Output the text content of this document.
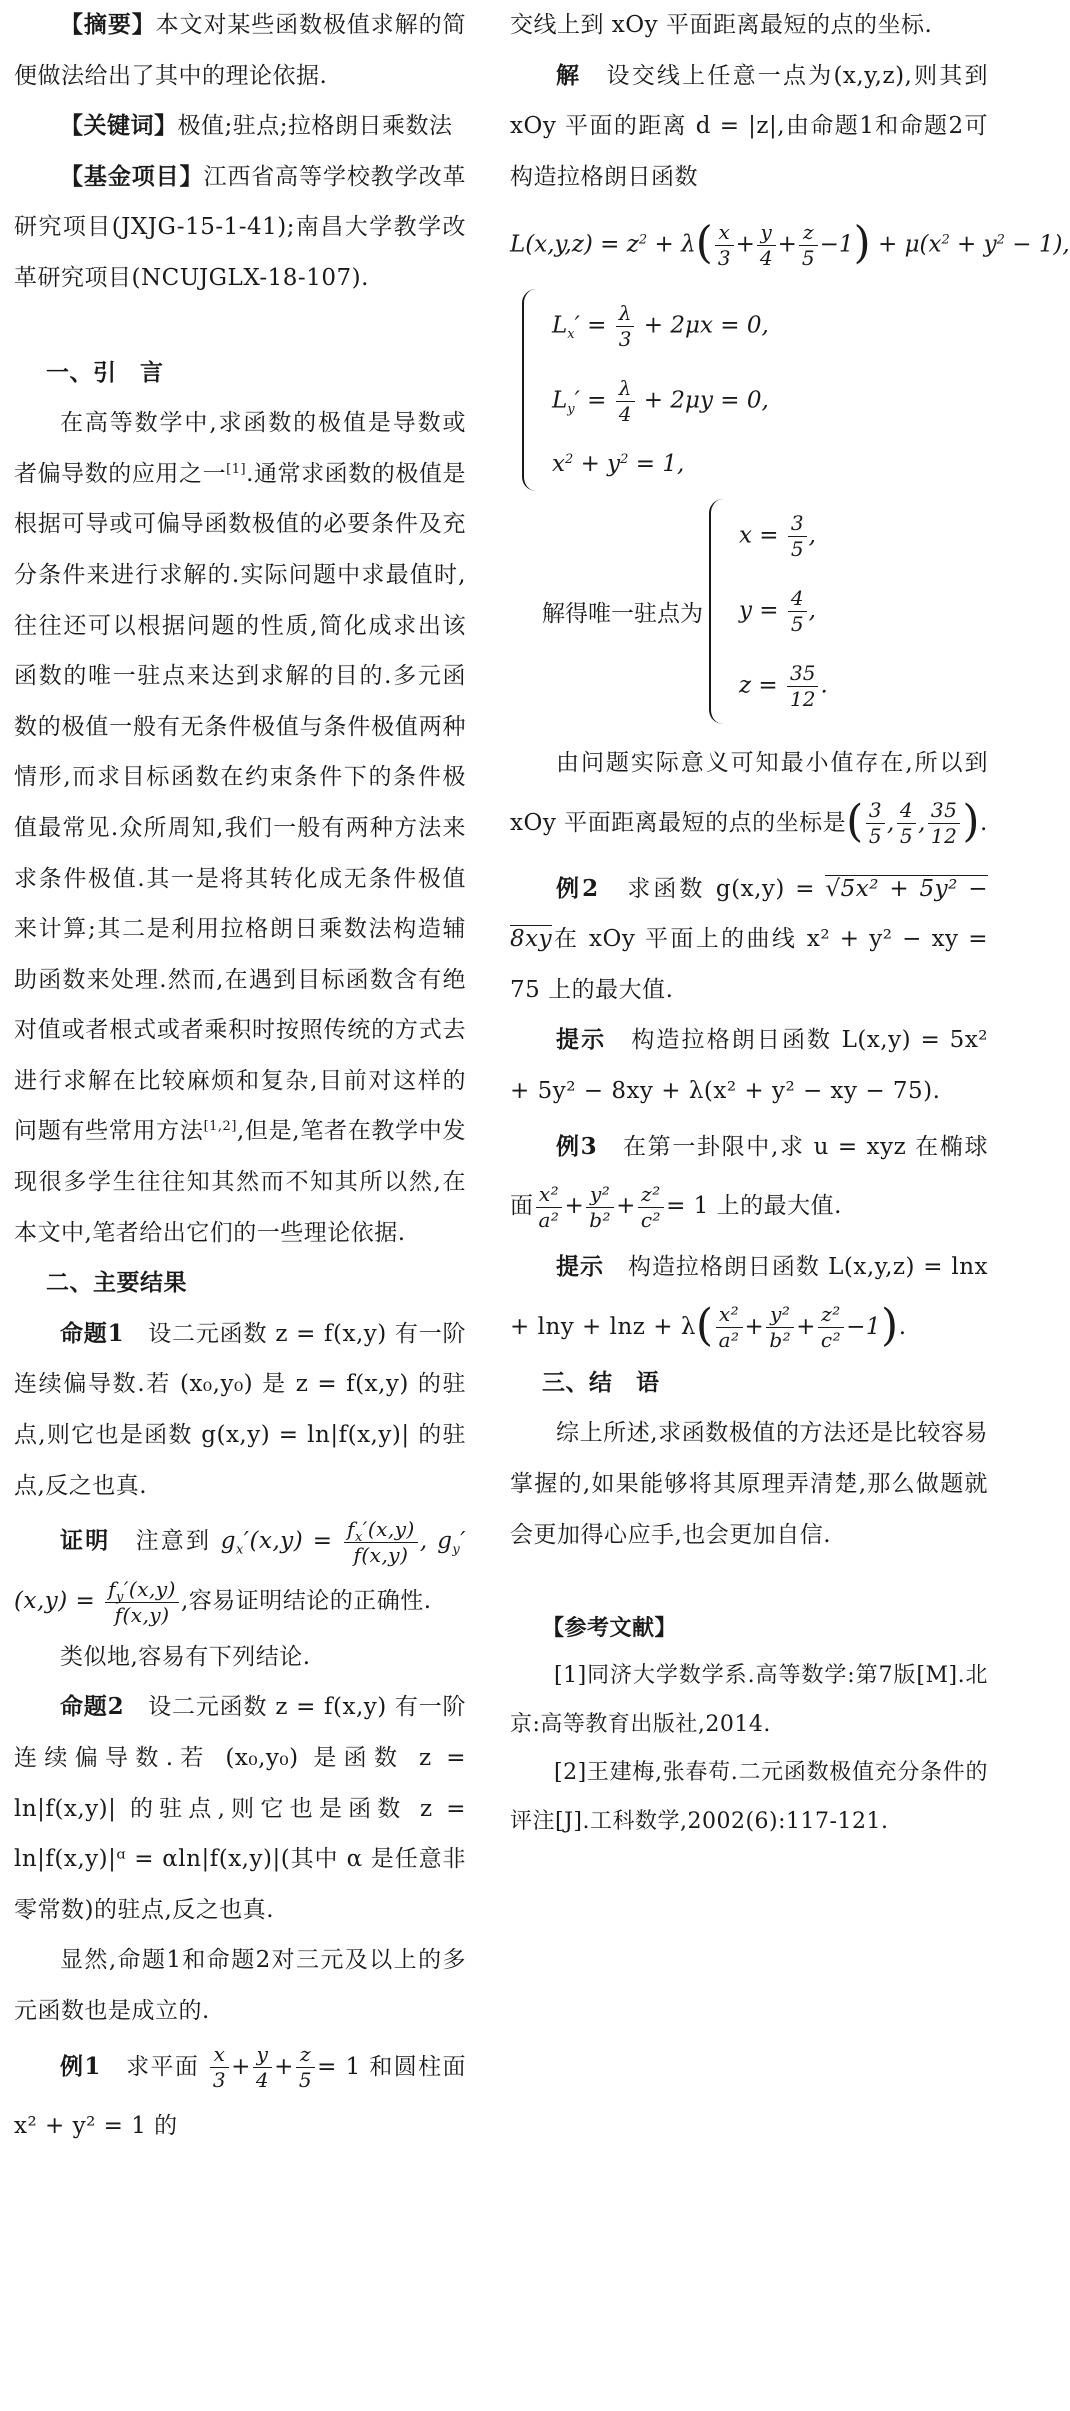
【摘要】本文对某些函数极值求解的简便做法给出了其中的理论依据.

【关键词】极值;驻点;拉格朗日乘数法

【基金项目】江西省高等学校教学改革研究项目(JXJG-15-1-41);南昌大学教学改革研究项目(NCUJGLX-18-107).

一、引　言

在高等数学中,求函数的极值是导数或者偏导数的应用之一[1].通常求函数的极值是根据可导或可偏导函数极值的必要条件及充分条件来进行求解的.实际问题中求最值时,往往还可以根据问题的性质,简化成求出该函数的唯一驻点来达到求解的目的.多元函数的极值一般有无条件极值与条件极值两种情形,而求目标函数在约束条件下的条件极值最常见.众所周知,我们一般有两种方法来求条件极值.其一是将其转化成无条件极值来计算;其二是利用拉格朗日乘数法构造辅助函数来处理.然而,在遇到目标函数含有绝对值或者根式或者乘积时按照传统的方式去进行求解在比较麻烦和复杂,目前对这样的问题有些常用方法[1,2],但是,笔者在教学中发现很多学生往往知其然而不知其所以然,在本文中,笔者给出它们的一些理论依据.

二、主要结果

命题1　 设二元函数 z = f(x,y) 有一阶连续偏导数.若 (x₀,y₀) 是 z = f(x,y) 的驻点,则它也是函数 g(x,y) = ln|f(x,y)| 的驻点,反之也真.

证明　 注意到 $g_x'(x,y) = \frac{f_x'(x,y)}{f(x,y)}$ , $g_y'(x,y) = \frac{f_y'(x,y)}{f(x,y)}$ ,容易证明结论的正确性.

类似地,容易有下列结论.

命题2　 设二元函数 z = f(x,y) 有一阶连续偏导数.若 (x₀,y₀) 是函数 z = ln|f(x,y)| 的驻点,则它也是函数 z = ln|f(x,y)|ᵅ = αln|f(x,y)|(其中 α 是任意非零常数)的驻点,反之也真.

显然,命题1和命题2对三元及以上的多元函数也是成立的.

例1　 求平面 $\frac{x}{3} + \frac{y}{4} + \frac{z}{5} = 1$ 和圆柱面 x² + y² = 1 的

交线上到 xOy 平面距离最短的点的坐标.

解　 设交线上任意一点为(x,y,z),则其到 xOy 平面的距离 d = |z|,由命题1和命题2可构造拉格朗日函数

$L(x,y,z) = z^2 + \lambda( \frac{x}{3} + \frac{y}{4} + \frac{z}{5} -1) + \mu(x^2 + y^2 - 1)$,
$L_x' = \frac{\lambda}{3} + 2\mu x = 0$,
$L_y' = \frac{\lambda}{4} + 2\mu y = 0$,
$x^2 + y^2 = 1$,
解得唯一驻点为
$x = \frac{3}{5}$ ,
$y = \frac{4}{5}$ ,
$z = \frac{35}{12}$ .

由问题实际意义可知最小值存在,所以到 xOy 平面距离最短的点的坐标是( $\frac{3}{5}$ , $\frac{4}{5}$ , $\frac{35}{12}$ ).

例2　 求函数 g(x,y) = √5x² + 5y² − 8xy在 xOy 平面上的曲线 x² + y² − xy = 75 上的最大值.

提示　 构造拉格朗日函数 L(x,y) = 5x² + 5y² − 8xy + λ(x² + y² − xy − 75).

例3　 在第一卦限中,求 u = xyz 在椭球面 $\frac{\text{x²}}{\text{a²}} + \frac{\text{y²}}{\text{b²}} + \frac{\text{z²}}{\text{c²}} = 1$ 上的最大值.

提示　 构造拉格朗日函数 $L(x,y,z) = \ln x + \ln y + \ln z + \lambda( \frac{\text{x²}}{\text{a²}} + \frac{\text{y²}}{\text{b²}} + \frac{\text{z²}}{\text{c²}} -1)$.

三、结　语

综上所述,求函数极值的方法还是比较容易掌握的,如果能够将其原理弄清楚,那么做题就会更加得心应手,也会更加自信.

【参考文献】

[1]同济大学数学系.高等数学:第7版[M].北京:高等教育出版社,2014.

[2]王建梅,张春苟.二元函数极值充分条件的评注[J].工科数学,2002(6):117-121.
